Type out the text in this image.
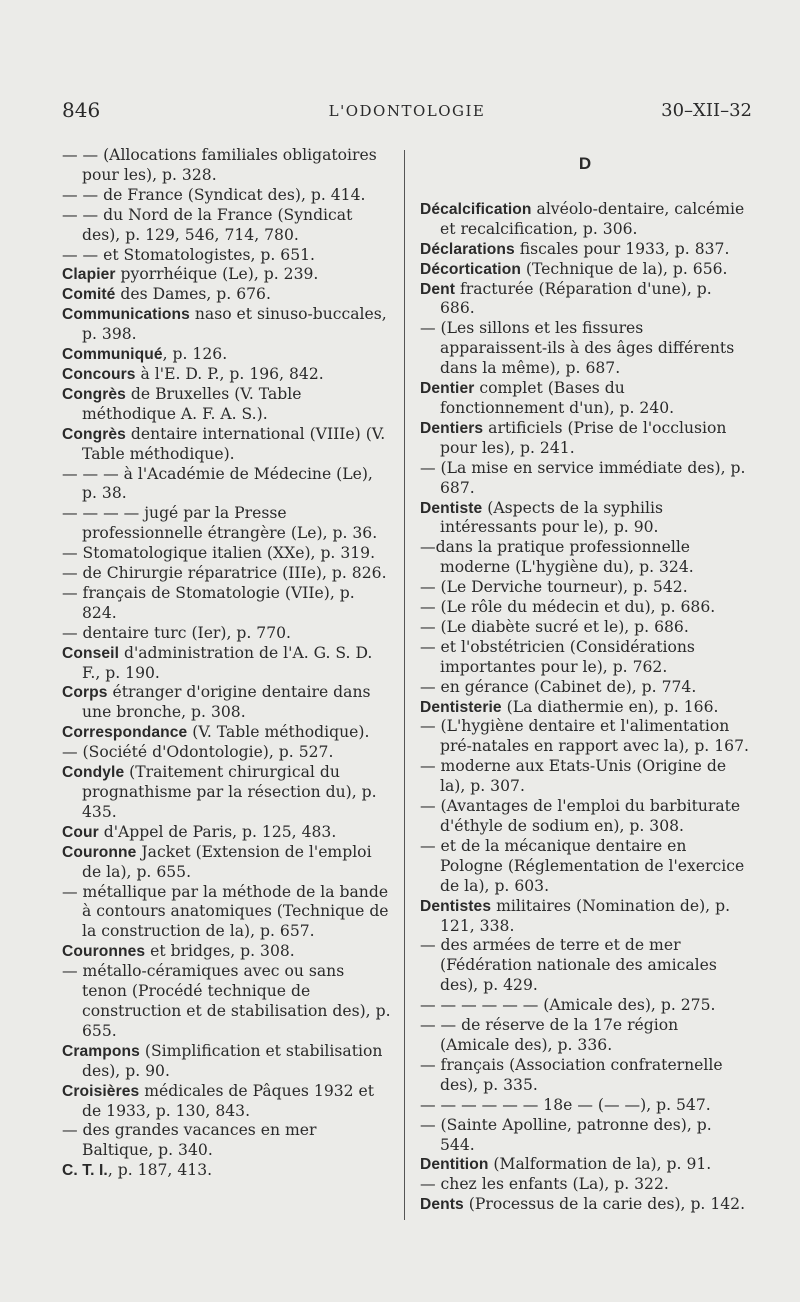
846	L'ODONTOLOGIE	30–XII–32

— — (Allocations familiales obligatoires pour les), p. 328.

— — de France (Syndicat des), p. 414.

— — du Nord de la France (Syndicat des), p. 129, 546, 714, 780.

— — et Stomatologistes, p. 651.

Clapier pyorrhéique (Le), p. 239.

Comité des Dames, p. 676.

Communications naso et sinuso-buccales, p. 398.

Communiqué, p. 126.

Concours à l'E. D. P., p. 196, 842.

Congrès de Bruxelles (V. Table méthodique A. F. A. S.).

Congrès dentaire international (VIIIe) (V. Table méthodique).

— — — à l'Académie de Médecine (Le), p. 38.

— — — — jugé par la Presse professionnelle étrangère (Le), p. 36.

— Stomatologique italien (XXe), p. 319.

— de Chirurgie réparatrice (IIIe), p. 826.

— français de Stomatologie (VIIe), p. 824.

— dentaire turc (Ier), p. 770.

Conseil d'administration de l'A. G. S. D. F., p. 190.

Corps étranger d'origine dentaire dans une bronche, p. 308.

Correspondance (V. Table méthodique).

— (Société d'Odontologie), p. 527.

Condyle (Traitement chirurgical du prognathisme par la résection du), p. 435.

Cour d'Appel de Paris, p. 125, 483.

Couronne Jacket (Extension de l'emploi de la), p. 655.

— métallique par la méthode de la bande à contours anatomiques (Technique de la construction de la), p. 657.

Couronnes et bridges, p. 308.

— métallo-céramiques avec ou sans tenon (Procédé technique de construction et de stabilisation des), p. 655.

Crampons (Simplification et stabilisation des), p. 90.

Croisières médicales de Pâques 1932 et de 1933, p. 130, 843.

— des grandes vacances en mer Baltique, p. 340.

C. T. I., p. 187, 413.

D

Décalcification alvéolo-dentaire, calcémie et recalcification, p. 306.

Déclarations fiscales pour 1933, p. 837.

Décortication (Technique de la), p. 656.

Dent fracturée (Réparation d'une), p. 686.

— (Les sillons et les fissures apparaissent-ils à des âges différents dans la même), p. 687.

Dentier complet (Bases du fonctionnement d'un), p. 240.

Dentiers artificiels (Prise de l'occlusion pour les), p. 241.

— (La mise en service immédiate des), p. 687.

Dentiste (Aspects de la syphilis intéressants pour le), p. 90.

—dans la pratique professionnelle moderne (L'hygiène du), p. 324.

— (Le Derviche tourneur), p. 542.

— (Le rôle du médecin et du), p. 686.

— (Le diabète sucré et le), p. 686.

— et l'obstétricien (Considérations importantes pour le), p. 762.

— en gérance (Cabinet de), p. 774.

Dentisterie (La diathermie en), p. 166.

— (L'hygiène dentaire et l'alimentation pré-natales en rapport avec la), p. 167.

— moderne aux Etats-Unis (Origine de la), p. 307.

— (Avantages de l'emploi du barbiturate d'éthyle de sodium en), p. 308.

— et de la mécanique dentaire en Pologne (Réglementation de l'exercice de la), p. 603.

Dentistes militaires (Nomination de), p. 121, 338.

— des armées de terre et de mer (Fédération nationale des amicales des), p. 429.

— — — — — — (Amicale des), p. 275.

— — de réserve de la 17e région (Amicale des), p. 336.

— français (Association confraternelle des), p. 335.

— — — — — — 18e — (— —), p. 547.

— (Sainte Apolline, patronne des), p. 544.

Dentition (Malformation de la), p. 91.

— chez les enfants (La), p. 322.

Dents (Processus de la carie des), p. 142.
